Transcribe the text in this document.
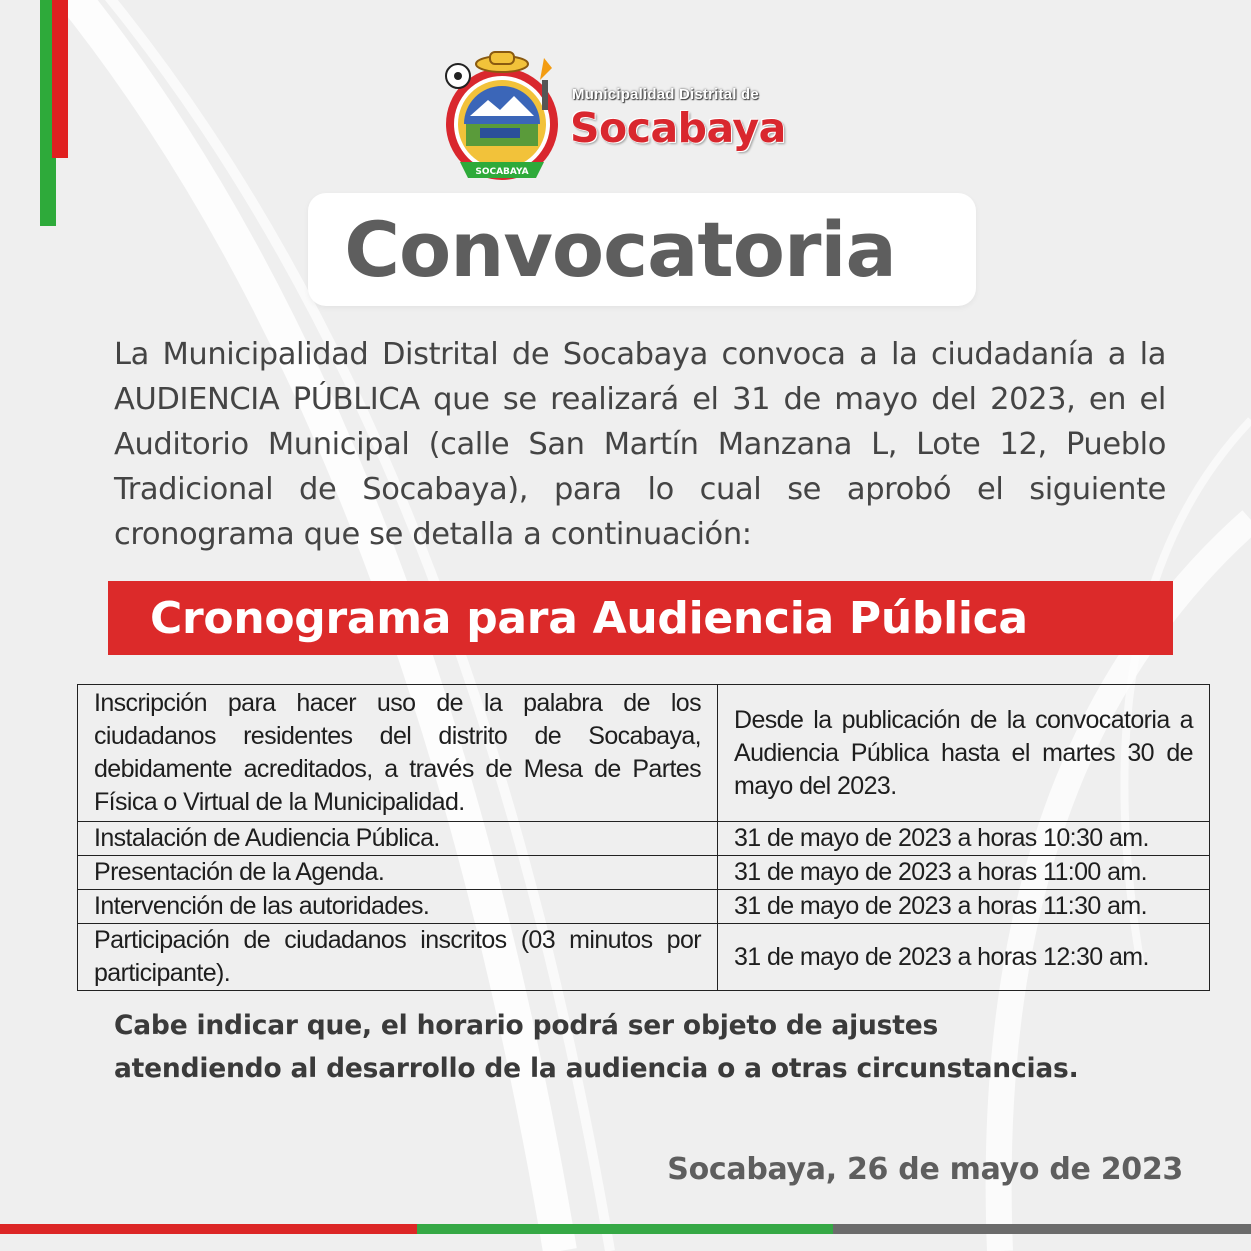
SOCABAYA
Municipalidad Distrital de
Socabaya
Convocatoria
La Municipalidad Distrital de Socabaya convoca a la ciudadanía a la AUDIENCIA PÚBLICA que se realizará el 31 de mayo del 2023, en el Auditorio Municipal (calle San Martín Manzana L, Lote 12, Pueblo Tradicional de Socabaya), para lo cual se aprobó el siguiente cronograma que se detalla a continuación:
Cronograma para Audiencia Pública
Inscripción para hacer uso de la palabra de los ciudadanos residentes del distrito de Socabaya, debidamente acreditados, a través de Mesa de Partes Física o Virtual de la Municipalidad.	Desde la publicación de la convocatoria a Audiencia Pública hasta el martes 30 de mayo del 2023.
Instalación de Audiencia Pública.	31 de mayo de 2023 a horas 10:30 am.
Presentación de la Agenda.	31 de mayo de 2023 a horas 11:00 am.
Intervención de las autoridades.	31 de mayo de 2023 a horas 11:30 am.
Participación de ciudadanos inscritos (03 minutos por participante).	31 de mayo de 2023 a horas 12:30 am.
Cabe indicar que, el horario podrá ser objeto de ajustes
atendiendo al desarrollo de la audiencia o a otras circunstancias.
Socabaya, 26 de mayo de 2023
